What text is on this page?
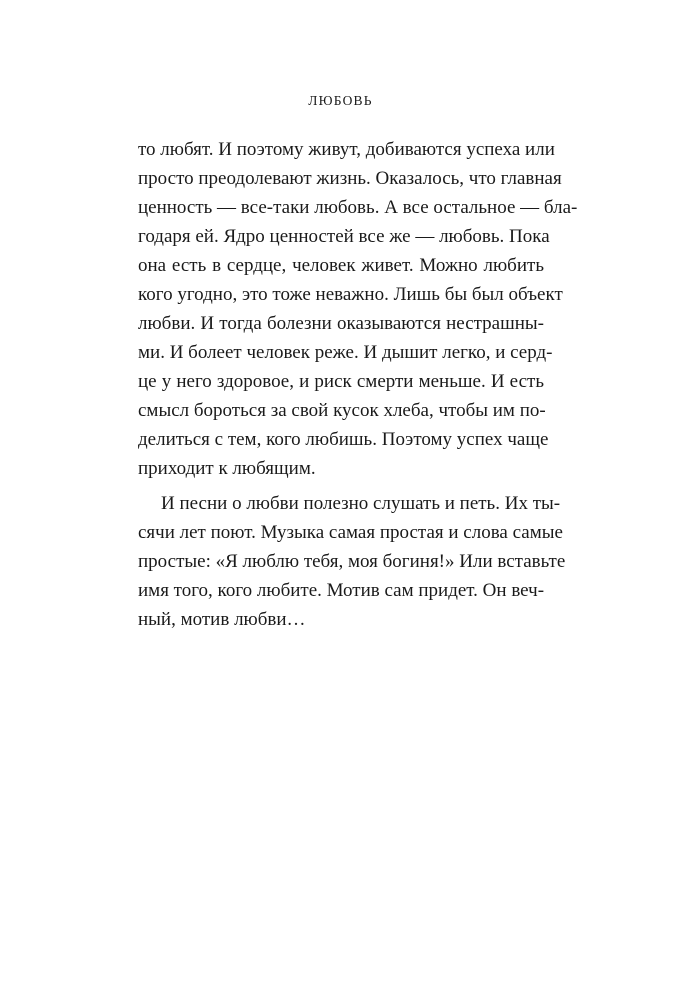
ЛЮБОВЬ
то любят. И поэтому живут, добиваются успеха или
просто преодолевают жизнь. Оказалось, что главная
ценность — все-таки любовь. А все остальное — бла-
годаря ей. Ядро ценностей все же — любовь. Пока
она есть в сердце, человек живет. Можно любить
кого угодно, это тоже неважно. Лишь бы был объект
любви. И тогда болезни оказываются нестрашны-
ми. И болеет человек реже. И дышит легко, и серд-
це у него здоровое, и риск смерти меньше. И есть
смысл бороться за свой кусок хлеба, чтобы им по-
делиться с тем, кого любишь. Поэтому успех чаще
приходит к любящим.
И песни о любви полезно слушать и петь. Их ты-
сячи лет поют. Музыка самая простая и слова самые
простые: «Я люблю тебя, моя богиня!» Или вставьте
имя того, кого любите. Мотив сам придет. Он веч-
ный, мотив любви…
